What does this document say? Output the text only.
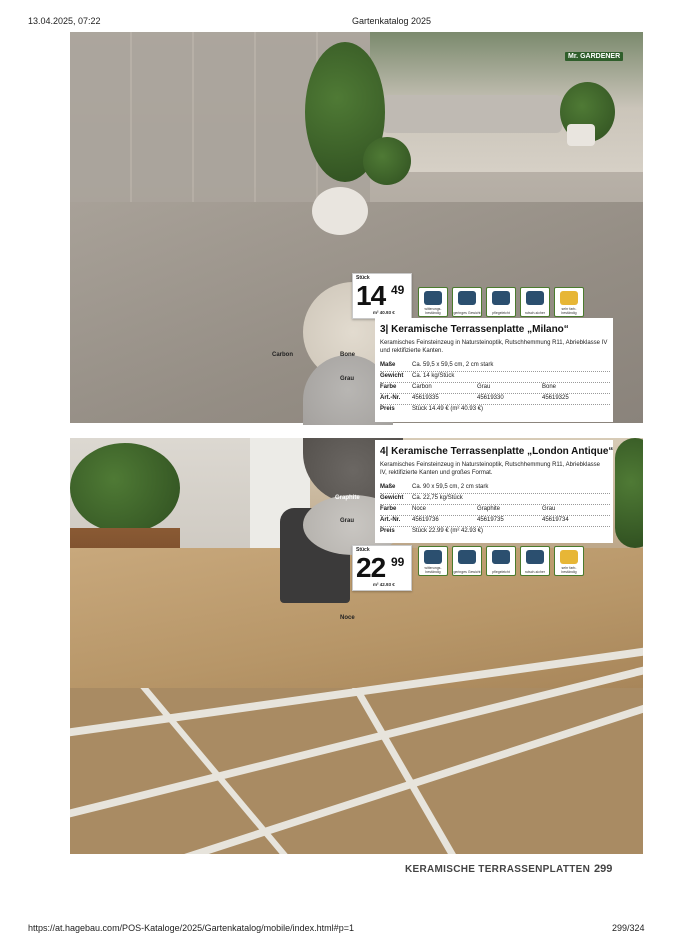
13.04.2025, 07:22	Gartenkatalog 2025
Mr. GARDENER
Carbon	Bone
Grau
Stück
14 49
m² 40.93 €
witterungs-beständig	geringes Gewicht	pflegeleicht	rutsch-sicher
sehr farb-beständig
3| Keramische Terrassenplatte „Milano“
Keramisches Feinsteinzeug in Natursteinoptik, Rutschhemmung R11, Abriebklasse IV und rektifizierte Kanten.
Maße	Ca. 59,5 x 59,5 cm, 2 cm stark
Gewicht Ca. 14 kg/Stück
Farbe	Carbon	Grau	Bone
Art.-Nr. 45619335	45619330	45619325
Preis	Stück 14.49 € (m² 40.93 €)
Graphite
Grau
Noce
4| Keramische Terrassenplatte „London Antique“
Keramisches Feinsteinzeug in Natursteinoptik, Rutschhemmung R11, Abriebklasse IV, rektifizierte Kanten und großes Format.
Maße	Ca. 90 x 59,5 cm, 2 cm stark
Gewicht Ca. 22,75 kg/Stück
Farbe	Noce	Graphite	Grau
Art.-Nr. 45619736	45619735	45619734
Preis	Stück 22.99 € (m² 42.93 €)
witterungs-beständig	geringes Gewicht	pflegeleicht	rutsch-sicher
sehr farb-beständig
Stück
22 99
m² 42.93 €
KERAMISCHE TERRASSENPLATTEN 299
https://at.hagebau.com/POS-Kataloge/2025/Gartenkatalog/mobile/index.html#p=1	299/324
